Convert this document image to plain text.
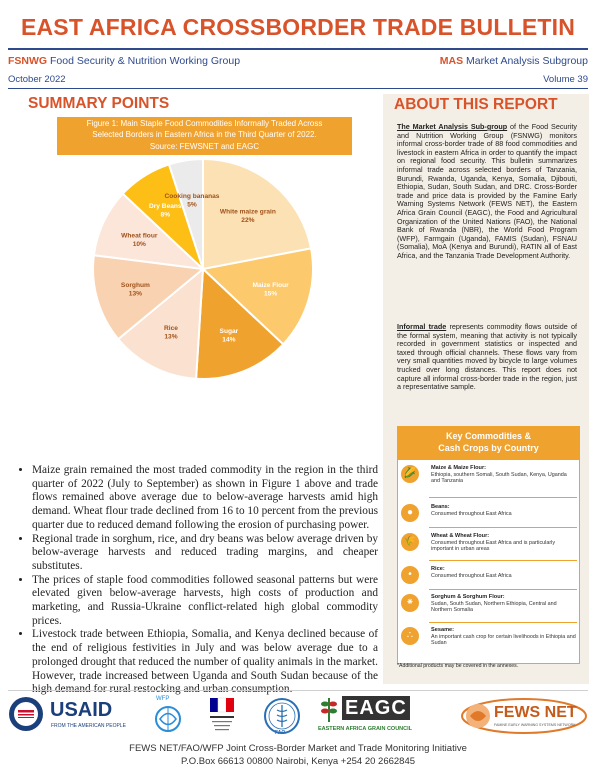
EAST AFRICA CROSSBORDER TRADE BULLETIN
FSNWG Food Security & Nutrition Working Group	MAS Market Analysis Subgroup
October 2022	Volume 39
SUMMARY POINTS
Figure 1: Main Staple Food Commodities Informally Traded Across
Selected Borders in Eastern Africa in the Third Quarter of 2022.
Source: FEWSNET and EAGC
White maize grain
22%
Maize Flour
15%
Sugar
14%
Rice
13%
Sorghum
13%
Wheat flour
10%
Dry Beans
8%
Cooking bananas
5%
• Maize grain remained the most traded commodity in the region in the third quarter of 2022 (July to September) as shown in Figure 1 above and trade flows remained above average due to below-average harvests amid high demand. Wheat flour trade declined from 16 to 10 percent from the previous quarter due to reduced demand following the erosion of purchasing power.
• Regional trade in sorghum, rice, and dry beans was below average driven by below-average harvests and reduced trading margins, and cheaper substitutes.
• The prices of staple food commodities followed seasonal patterns but were elevated given below-average harvests, high costs of production and marketing, and Russia-Ukraine conflict-related high global commodity prices.
• Livestock trade between Ethiopia, Somalia, and Kenya declined because of the end of religious festivities in July and was below average due to a prolonged drought that reduced the number of quality animals in the market. However, trade increased between Uganda and South Sudan because of the
ABOUT THIS REPORT
The Market Analysis Sub-group of the Food Security and Nutrition Working Group (FSNWG) monitors informal cross-border trade of 88 food commodities and livestock in eastern Africa in order to quantify the impact on regional food security. This bulletin summarizes informal trade across selected borders of Tanzania, Burundi, Rwanda, Uganda, Kenya, Somalia, Djibouti, Ethiopia, Sudan, South Sudan, and DRC. Cross-Border trade and price data is provided by the Famine Early Warning Systems Network (FEWS NET), the Eastern Africa Grain Council (EAGC), the Food and Agricultural Organization of the United Nations (FAO), the National Bank of Rwanda (NBR), the World Food Program (WFP), Farmgain (Uganda), FAMIS (Sudan), FSNAU (Somalia), MoA (Kenya and Burundi), RATIN all of East Africa, and the Tanzania Trade Development Authority.
Informal trade represents commodity flows outside of the formal system, meaning that activity is not typically recorded in government statistics or inspected and taxed through official channels. These flows vary from very small quantities moved by bicycle to large volumes trucked over long distances. This report does not capture all informal cross-border trade in the region, just a representative sample.
Key Commodities &
Cash Crops by Country
🌽	Maize & Maize Flour:
Ethiopia, southern Somali, South Sudan, Kenya, Uganda and Tanzania
●	Beans:
Consumed throughout East Africa
🌾	Wheat & Wheat Flour:
Consumed throughout East Africa and is particularly important in urban areas
•	Rice:
Consumed throughout East Africa
⁕	Sorghum & Sorghum Flour:
Sudan, South Sudan, Northern Ethiopia, Central and Northern Somalia
∴	Sesame:
An important cash crop for certain livelihoods in Ethiopia and Sudan
*Additional products may be covered in the annexes.
USAID
FROM THE AMERICAN PEOPLE
WFP
FAO
EAGC
EASTERN AFRICA GRAIN COUNCIL
FEWS NET
FAMINE EARLY WARNING SYSTEMS NETWORK
FEWS NET/FAO/WFP Joint Cross-Border Market and Trade Monitoring Initiative
P.O.Box 66613 00800 Nairobi, Kenya +254 20 2662845
